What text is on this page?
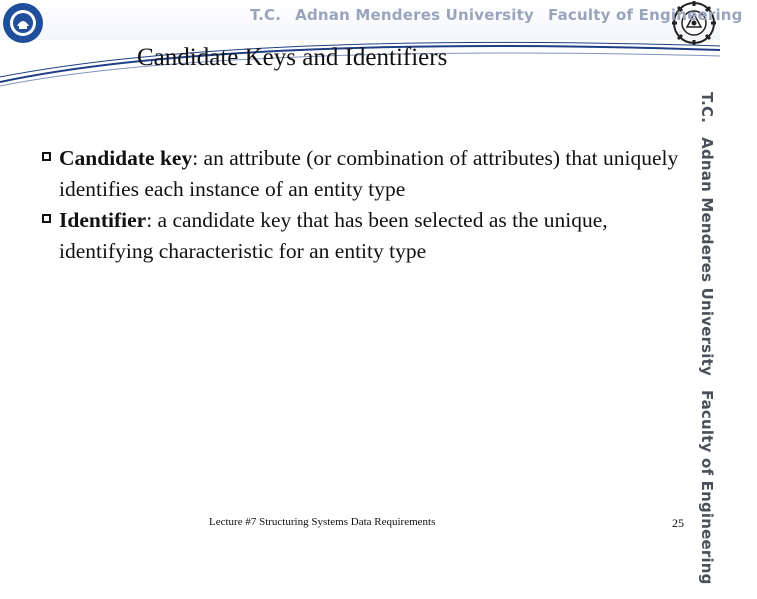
T.C. Adnan Menderes University Faculty of Engineering
Candidate Keys and Identifiers
T.C.Adnan Menderes UniversityFaculty of Engineering
Candidate key: an attribute (or combination of attributes) that uniquely identifies each instance of an entity type
Identifier: a candidate key that has been selected as the unique, identifying characteristic for an entity type
Lecture #7 Structuring Systems Data Requirements	25
